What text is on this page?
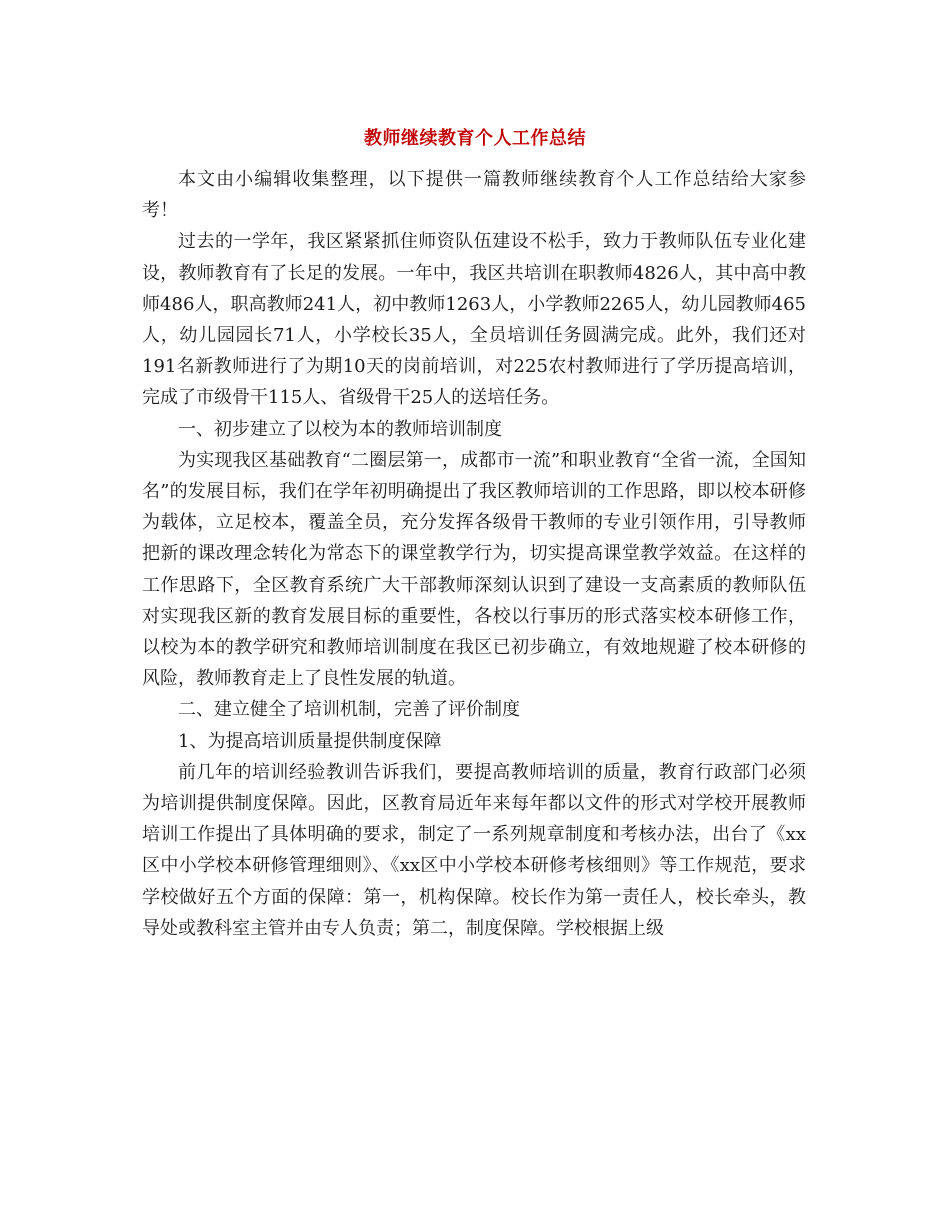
教师继续教育个人工作总结

本文由小编辑收集整理，以下提供一篇教师继续教育个人工作总结给大家参考！

过去的一学年，我区紧紧抓住师资队伍建设不松手，致力于教师队伍专业化建设，教师教育有了长足的发展。一年中，我区共培训在职教师4826人，其中高中教师486人，职高教师241人，初中教师1263人，小学教师2265人，幼儿园教师465人，幼儿园园长71人，小学校长35人，全员培训任务圆满完成。此外，我们还对191名新教师进行了为期10天的岗前培训，对225农村教师进行了学历提高培训，完成了市级骨干115人、省级骨干25人的送培任务。

一、初步建立了以校为本的教师培训制度

为实现我区基础教育“二圈层第一，成都市一流”和职业教育“全省一流，全国知名”的发展目标，我们在学年初明确提出了我区教师培训的工作思路，即以校本研修为载体，立足校本，覆盖全员，充分发挥各级骨干教师的专业引领作用，引导教师把新的课改理念转化为常态下的课堂教学行为，切实提高课堂教学效益。在这样的工作思路下，全区教育系统广大干部教师深刻认识到了建设一支高素质的教师队伍对实现我区新的教育发展目标的重要性，各校以行事历的形式落实校本研修工作，以校为本的教学研究和教师培训制度在我区已初步确立，有效地规避了校本研修的风险，教师教育走上了良性发展的轨道。

二、建立健全了培训机制，完善了评价制度

1、为提高培训质量提供制度保障

前几年的培训经验教训告诉我们，要提高教师培训的质量，教育行政部门必须为培训提供制度保障。因此，区教育局近年来每年都以文件的形式对学校开展教师培训工作提出了具体明确的要求，制定了一系列规章制度和考核办法，出台了《xx区中小学校本研修管理细则》、《xx区中小学校本研修考核细则》等工作规范，要求学校做好五个方面的保障：第一，机构保障。校长作为第一责任人，校长牵头，教导处或教科室主管并由专人负责；第二，制度保障。学校根据上级
